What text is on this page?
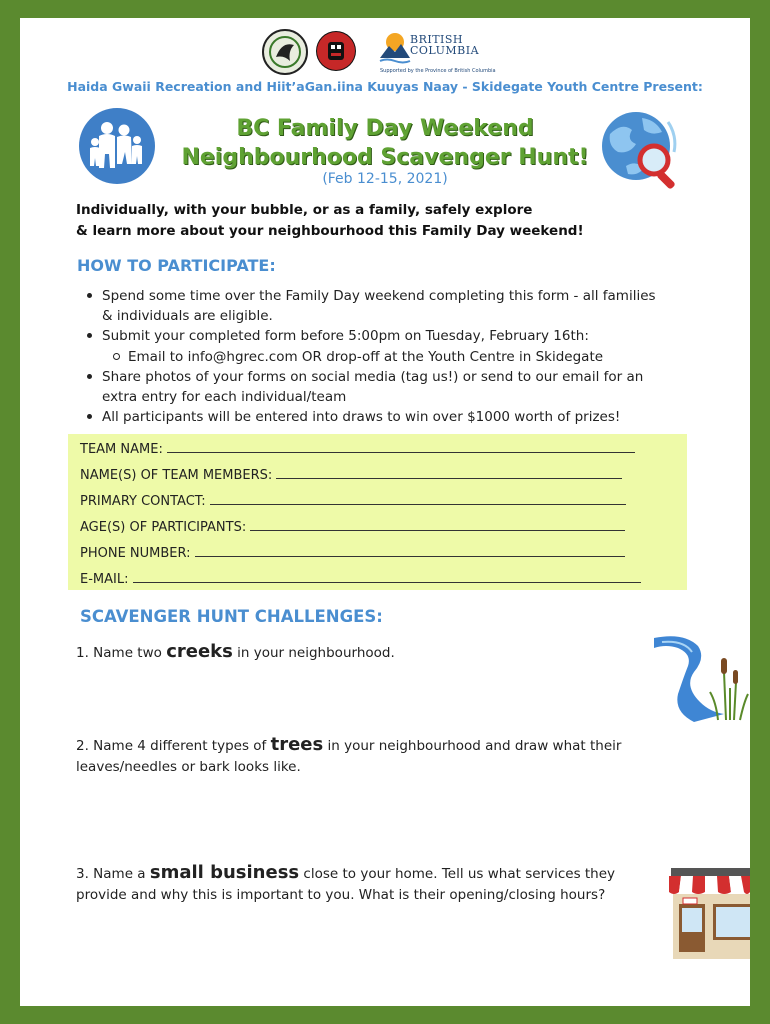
BRITISH COLUMBIA
Supported by the Province of British Columbia
Haida Gwaii Recreation and Hiit’aGan.iina Kuuyas Naay - Skidegate Youth Centre Present:
BC Family Day Weekend
Neighbourhood Scavenger Hunt!
(Feb 12-15, 2021)
Individually, with your bubble, or as a family, safely explore
& learn more about your neighbourhood this Family Day weekend!
HOW TO PARTICIPATE:
Spend some time over the Family Day weekend completing this form - all families
& individuals are eligible.
Submit your completed form before 5:00pm on Tuesday, February 16th:
Email to info@hgrec.com OR drop-off at the Youth Centre in Skidegate
Share photos of your forms on social media (tag us!) or send to our email for an
extra entry for each individual/team
All participants will be entered into draws to win over $1000 worth of prizes!
TEAM NAME:
NAME(S) OF TEAM MEMBERS:
PRIMARY CONTACT:
AGE(S) OF PARTICIPANTS:
PHONE NUMBER:
E-MAIL:
SCAVENGER HUNT CHALLENGES:
1. Name two creeks in your neighbourhood.
2. Name 4 different types of trees in your neighbourhood and draw what their
leaves/needles or bark looks like.
3. Name a small business close to your home. Tell us what services they
provide and why this is important to you. What is their opening/closing hours?
